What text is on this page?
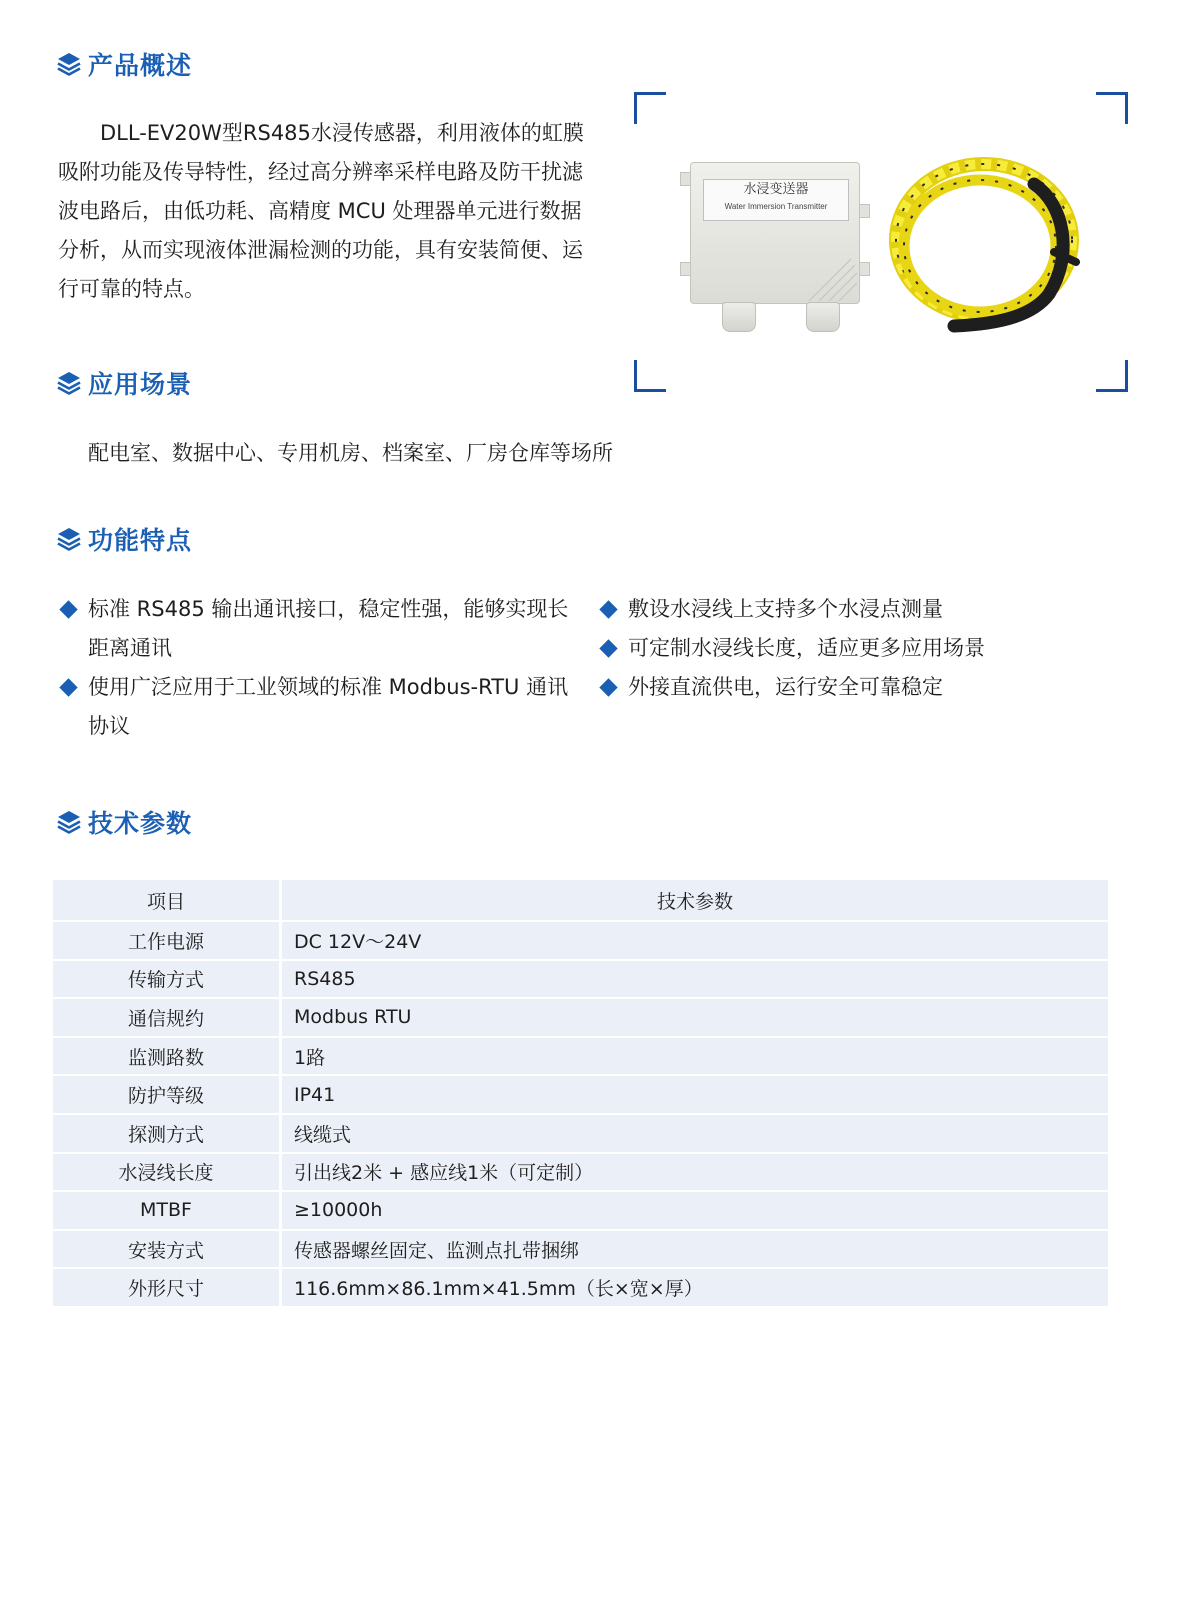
产品概述

DLL-EV20W型RS485水浸传感器，利用液体的虹膜吸附功能及传导特性，经过高分辨率采样电路及防干扰滤波电路后，由低功耗、高精度 MCU 处理器单元进行数据分析，从而实现液体泄漏检测的功能，具有安装简便、运行可靠的特点。

水浸变送器
Water Immersion Transmitter
应用场景
配电室、数据中心、专用机房、档案室、厂房仓库等场所
功能特点
标准 RS485 输出通讯接口，稳定性强，能够实现长距离通讯
使用广泛应用于工业领域的标准 Modbus-RTU 通讯协议
敷设水浸线上支持多个水浸点测量
可定制水浸线长度，适应更多应用场景
外接直流供电，运行安全可靠稳定
技术参数
项目	技术参数
工作电源	DC 12V～24V
传输方式	RS485
通信规约	Modbus RTU
监测路数	1路
防护等级	IP41
探测方式	线缆式
水浸线长度	引出线2米 + 感应线1米（可定制）
MTBF	≥10000h
安装方式	传感器螺丝固定、监测点扎带捆绑
外形尺寸	116.6mm×86.1mm×41.5mm（长×宽×厚）
